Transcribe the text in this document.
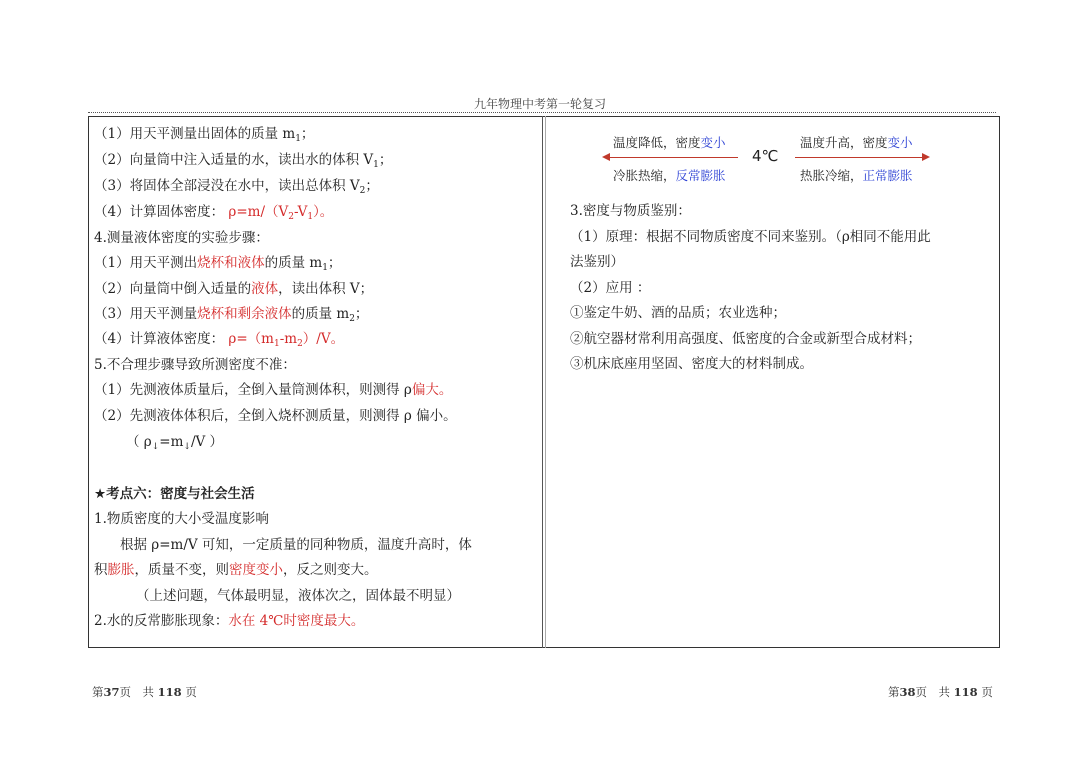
九年物理中考第一轮复习
（1）用天平测量出固体的质量 $m_1$；
（2）向量筒中注入适量的水，读出水的体积 $V_1$；
（3）将固体全部浸没在水中，读出总体积 $V_2$；
（4）计算固体密度： $\rho=m/(V_2-V_1)$。
4.测量液体密度的实验步骤：
（1）用天平测出烧杯和液体的质量 $m_1$；
（2）向量筒中倒入适量的液体，读出体积 V；
（3）用天平测量烧杯和剩余液体的质量 $m_2$；
（4）计算液体密度： $\rho=(m_1-m_2)/V$。
5.不合理步骤导致所测密度不准：
（1）先测液体质量后，全倒入量筒测体积，则测得 ρ偏大。
（2）先测液体体积后，全倒入烧杯测质量，则测得 ρ 偏小。
（ $\rho_↓=m_↓/V$ ）
★考点六：密度与社会生活
1.物质密度的大小受温度影响
根据 ρ=m/V 可知，一定质量的同种物质，温度升高时，体
积膨胀，质量不变，则密度变小，反之则变大。
（上述问题，气体最明显，液体次之，固体最不明显）
2.水的反常膨胀现象：水在 4℃时密度最大。
温度降低，密度变小	温度升高，密度变小
4℃
冷胀热缩，反常膨胀	热胀冷缩，正常膨胀
3.密度与物质鉴别：
（1）原理：根据不同物质密度不同来鉴别。（ρ相同不能用此
法鉴别）
（2）应用 ：
①鉴定牛奶、酒的品质；农业选种；
②航空器材常利用高强度、低密度的合金或新型合成材料；
③机床底座用坚固、密度大的材料制成。
第37页　共 118 页	第38页　共 118 页
